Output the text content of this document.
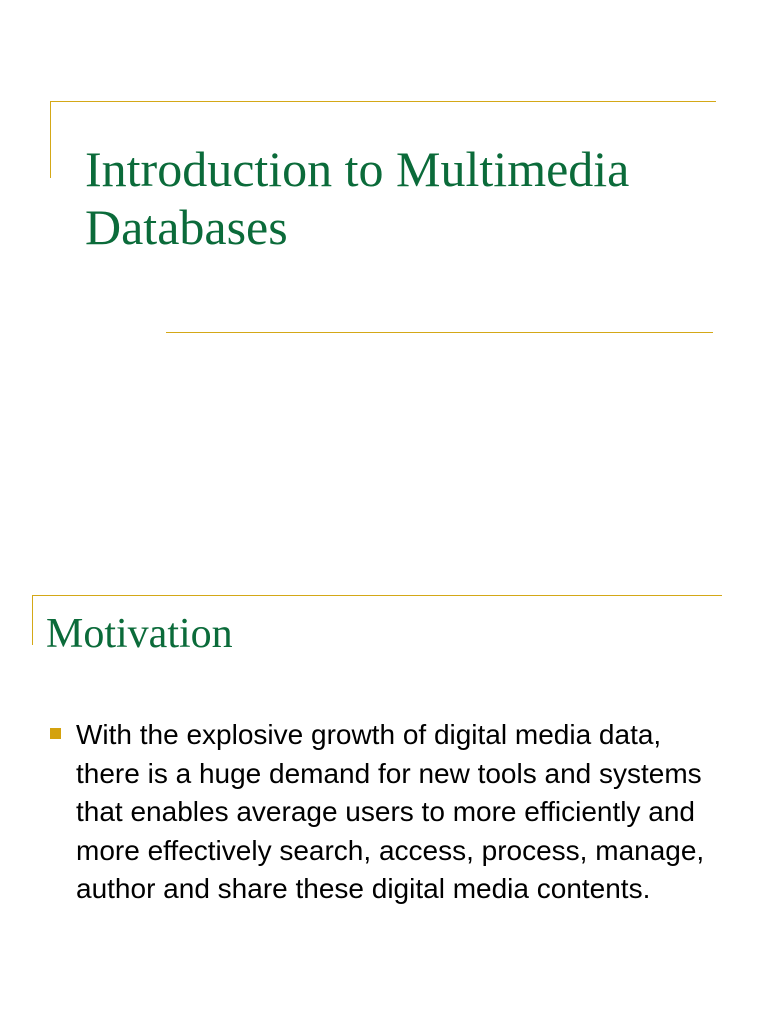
Introduction to Multimedia Databases
Motivation
With the explosive growth of digital media data, there is a huge demand for new tools and systems that enables average users to more efficiently and more effectively search, access, process, manage, author and share these digital media contents.
